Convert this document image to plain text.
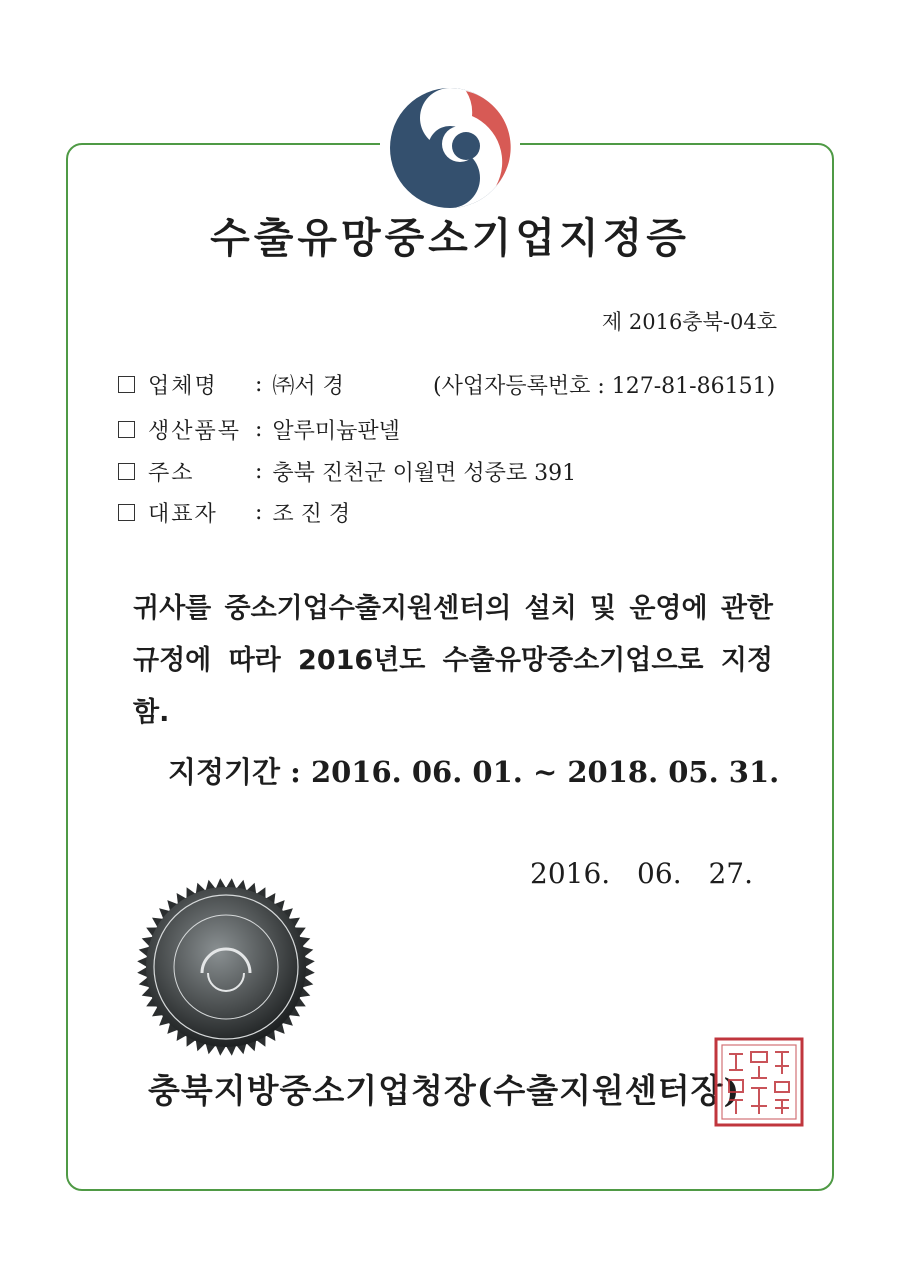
수출유망중소기업지정증
제 2016충북-04호
업체명	: ㈜서 경	(사업자등록번호 : 127-81-86151)
생산품목 : 알루미늄판넬
주소	: 충북 진천군 이월면 성중로 391
대표자	: 조 진 경

귀사를 중소기업수출지원센터의 설치 및 운영에 관한 규정에 따라 2016년도 수출유망중소기업으로 지정함.

지정기간 : 2016. 06. 01. ~ 2018. 05. 31.
2016. 06. 27.
충북지방중소기업청장(수출지원센터장)
